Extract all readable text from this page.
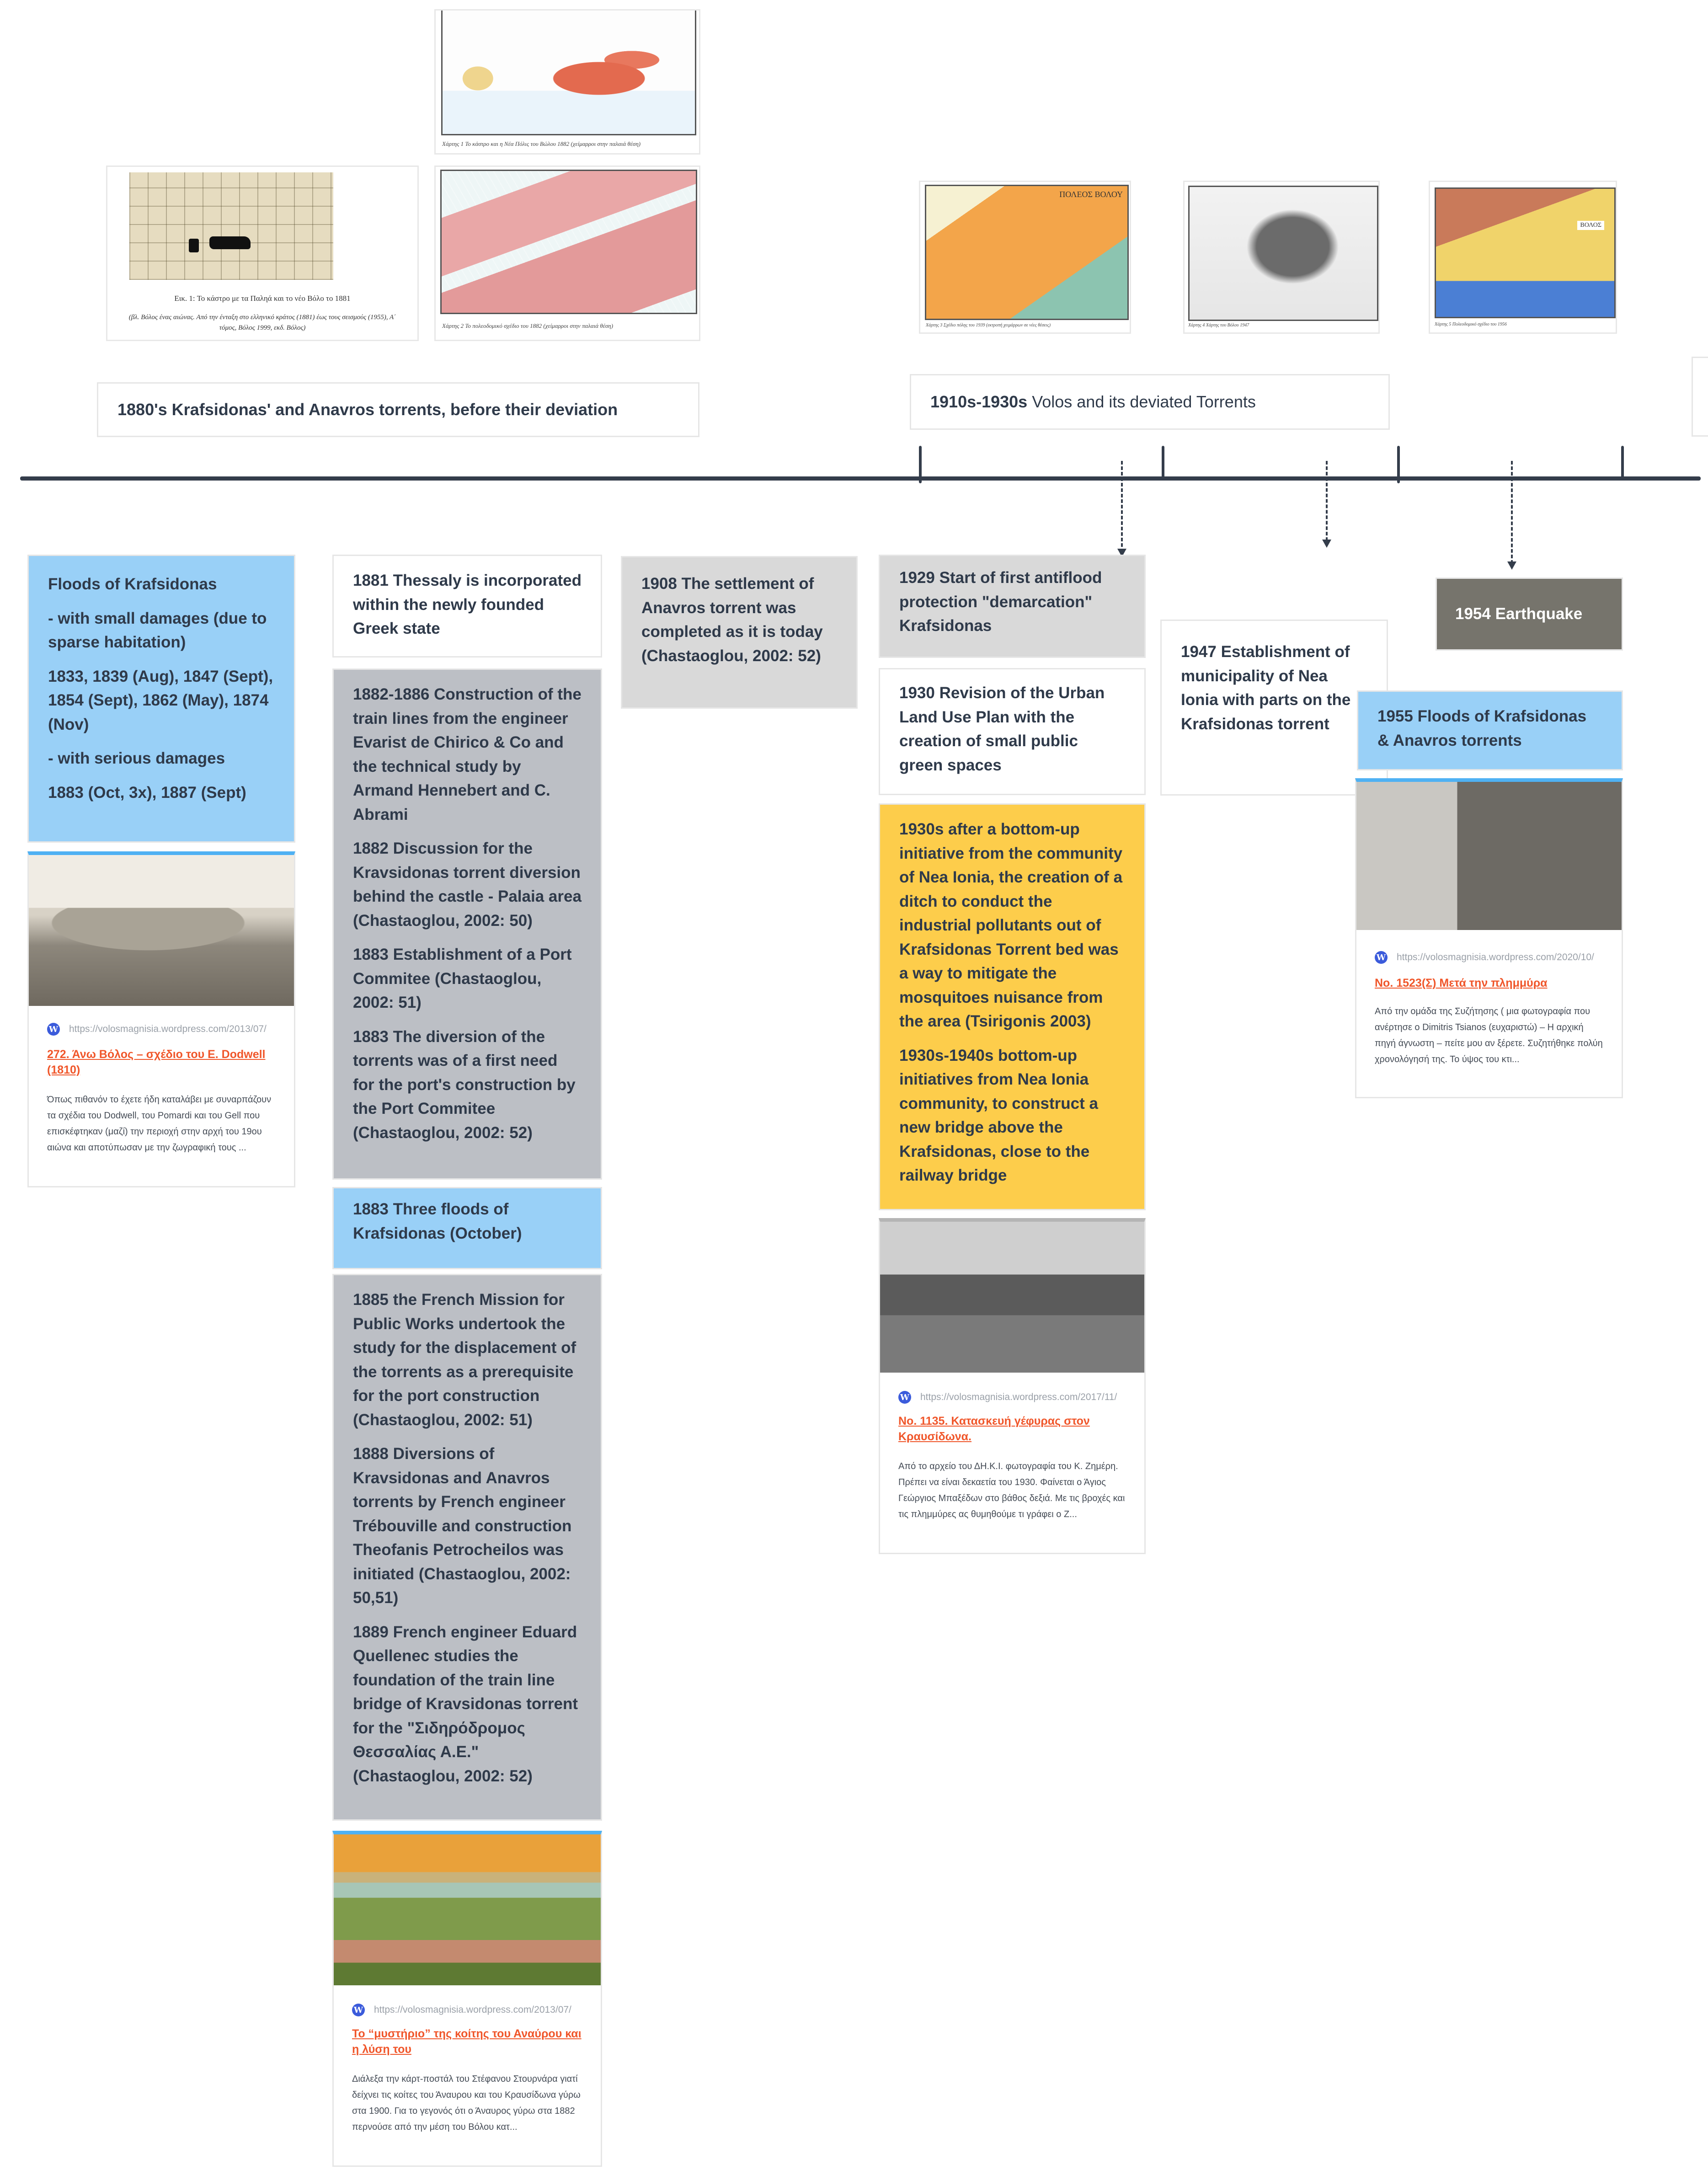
Εικ. 1: Το κάστρο με τα Παληά και το νέο Βόλο το 1881
(βλ. Βόλος ένας αιώνας. Από την ένταξη στο ελληνικό κράτος (1881) έως τους σεισμούς (1955), Α΄ τόμος, Βόλος 1999, εκδ. Βόλος)
Χάρτης 1 Το κάστρο και η Νέα Πόλις του Βώλου 1882 (χείμαρροι στην παλαιά θέση)
Χάρτης 2 Το πολεοδομικό σχέδιο του 1882 (χείμαρροι στην παλαιά θέση)
ΠΟΛΕΟΣ ΒΟΛΟΥ
Χάρτης 3 Σχέδιο πόλης του 1939 (εκτροπή χειμάρρων σε νέες θέσεις)	Χάρτης 4 Χάρτης του Βόλου 1947
ΒΟΛΟΣ
Χάρτης 5 Πολεοδομικό σχέδιο του 1956
1880's Krafsidonas' and Anavros torrents, before their deviation	1910s-1930s Volos and its deviated Torrents

Floods of Krafsidonas

- with small damages (due to sparse habitation)

1833, 1839 (Aug), 1847 (Sept), 1854 (Sept), 1862 (May), 1874 (Nov)

- with serious damages

1883 (Oct, 3x), 1887 (Sept)

W https://volosmagnisia.wordpress.com/2013/07/
272. Άνω Βόλος – σχέδιο του E. Dodwell (1810)
Όπως πιθανόν το έχετε ήδη καταλάβει με συναρπάζουν τα σχέδια του Dodwell, του Pomardi και του Gell που επισκέφτηκαν (μαζί) την περιοχή στην αρχή του 19ου αιώνα και αποτύπωσαν με την ζωγραφική τους ...

1881 Thessaly is incorporated within the newly founded Greek state

1882-1886 Construction of the train lines from the engineer Evarist de Chirico & Co and the technical study by Armand Hennebert and C. Abrami

1882 Discussion for the Kravsidonas torrent diversion behind the castle - Palaia area (Chastaoglou, 2002: 50)

1883 Establishment of a Port Commitee (Chastaoglou, 2002: 51)

1883 The diversion of the torrents was of a first need for the port's construction by the Port Commitee (Chastaoglou, 2002: 52)

1883 Three floods of Krafsidonas (October)

1885 the French Mission for Public Works undertook the study for the displacement of the torrents as a prerequisite for the port construction (Chastaoglou, 2002: 51)

1888 Diversions of Kravsidonas and Anavros torrents by French engineer Trébouville and construction Theofanis Petrocheilos was initiated (Chastaoglou, 2002: 50,51)

1889 French engineer Eduard Quellenec studies the foundation of the train line bridge of Kravsidonas torrent for the "Σιδηρόδρομος Θεσσαλίας Α.Ε." (Chastaoglou, 2002: 52)

W https://volosmagnisia.wordpress.com/2013/07/
Το “μυστήριο” της κοίτης του Αναύρου και η λύση του
Διάλεξα την κάρτ-ποστάλ του Στέφανου Στουρνάρα γιατί δείχνει τις κοίτες του Άναυρου και του Κραυσίδωνα γύρω στα 1900. Για το γεγονός ότι ο Άναυρος γύρω στα 1882 περνούσε από την μέση του Βόλου κατ...

1908 The settlement of Anavros torrent was completed as it is today (Chastaoglou, 2002: 52)

1929 Start of first antiflood protection "demarcation" Krafsidonas

1930 Revision of the Urban Land Use Plan with the creation of small public green spaces

1930s after a bottom-up initiative from the community of Nea Ionia, the creation of a ditch to conduct the industrial pollutants out of Krafsidonas Torrent bed was a way to mitigate the mosquitoes nuisance from the area (Tsirigonis 2003)

1930s-1940s bottom-up initiatives from Nea Ionia community, to construct a new bridge above the Krafsidonas, close to the railway bridge

W https://volosmagnisia.wordpress.com/2017/11/
No. 1135. Κατασκευή γέφυρας στον Κραυσίδωνα.
Από το αρχείο του ΔΗ.Κ.Ι. φωτογραφία του Κ. Ζημέρη. Πρέπει να είναι δεκαετία του 1930. Φαίνεται ο Άγιος Γεώργιος Μπαξέδων στο βάθος δεξιά. Με τις βροχές και τις πλημμύρες ας θυμηθούμε τι γράφει ο Ζ...

1947 Establishment of municipality of Nea Ionia with parts on the Krafsidonas torrent

1954 Earthquake

1955 Floods of Krafsidonas & Anavros torrents

W https://volosmagnisia.wordpress.com/2020/10/
No. 1523(Σ) Μετά την πλημμύρα
Από την ομάδα της Συζήτησης ( μια φωτογραφία που ανέρτησε ο Dimitris Tsianos (ευχαριστώ) – Η αρχική πηγή άγνωστη – πείτε μου αν ξέρετε. Συζητήθηκε πολύη χρονολόγησή της. Το ύψος του κτι...
